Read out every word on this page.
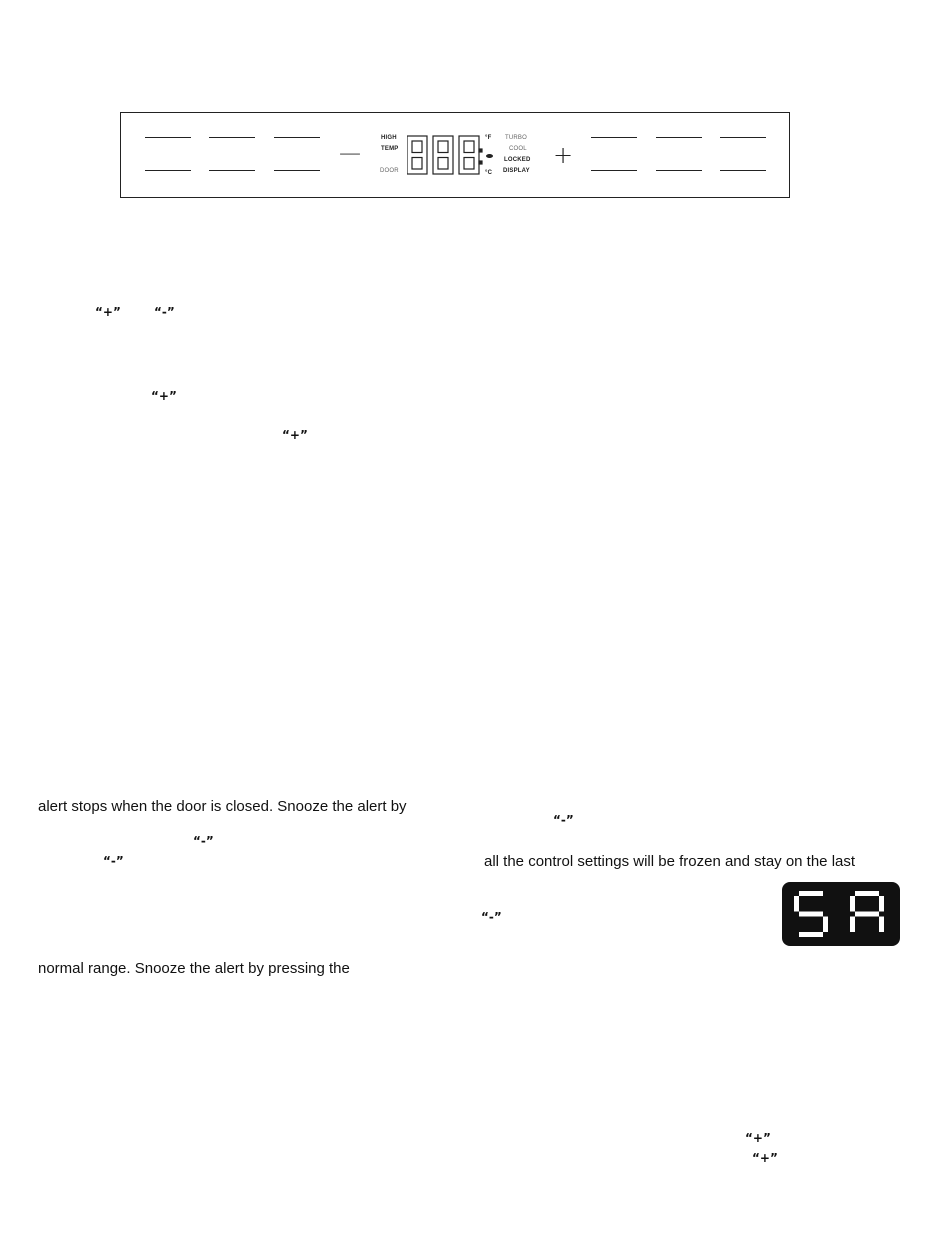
—
HIGH
TEMP
DOOR
°F
°C
TURBO
COOL
LOCKED
DISPLAY
+
“+”	“-”
“+”
“+”
alert stops when the door is closed. Snooze the alert by
“-”
“-”
“-”	all the control settings will be frozen and stay on the last
“-”
normal range. Snooze the alert by pressing the
“+”
“+”
